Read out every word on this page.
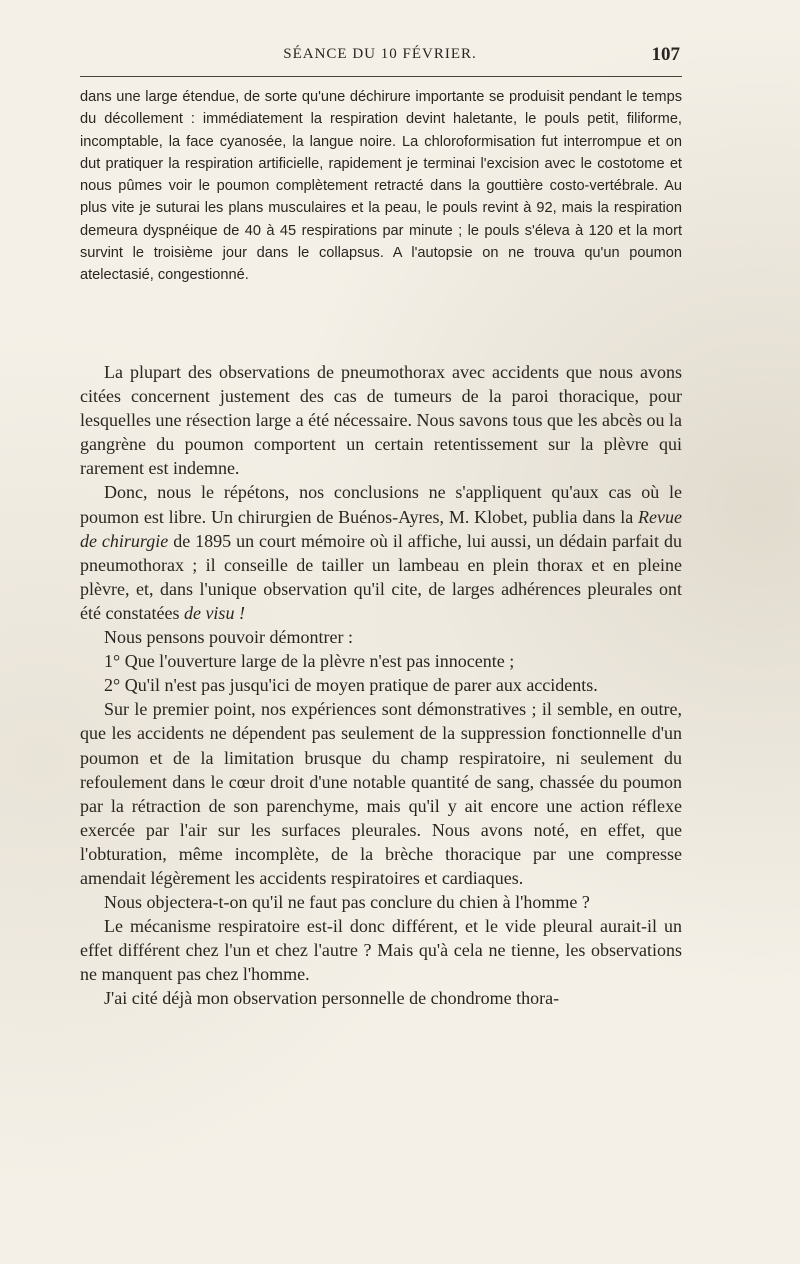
SÉANCE DU 10 FÉVRIER.	107

dans une large étendue, de sorte qu'une déchirure importante se produisit pendant le temps du décollement : immédiatement la respiration devint haletante, le pouls petit, filiforme, incomptable, la face cyanosée, la langue noire. La chloroformisation fut interrompue et on dut pratiquer la respiration artificielle, rapidement je terminai l'excision avec le costotome et nous pûmes voir le poumon complètement retracté dans la gouttière costo-vertébrale. Au plus vite je suturai les plans musculaires et la peau, le pouls revint à 92, mais la respiration demeura dyspnéique de 40 à 45 respirations par minute ; le pouls s'éleva à 120 et la mort survint le troisième jour dans le collapsus. A l'autopsie on ne trouva qu'un poumon atelectasié, congestionné.

La plupart des observations de pneumothorax avec accidents que nous avons citées concernent justement des cas de tumeurs de la paroi thoracique, pour lesquelles une résection large a été nécessaire. Nous savons tous que les abcès ou la gangrène du poumon comportent un certain retentissement sur la plèvre qui rarement est indemne.

Donc, nous le répétons, nos conclusions ne s'appliquent qu'aux cas où le poumon est libre. Un chirurgien de Buénos-Ayres, M. Klobet, publia dans la Revue de chirurgie de 1895 un court mémoire où il affiche, lui aussi, un dédain parfait du pneumothorax ; il conseille de tailler un lambeau en plein thorax et en pleine plèvre, et, dans l'unique observation qu'il cite, de larges adhérences pleurales ont été constatées de visu !

Nous pensons pouvoir démontrer :

1° Que l'ouverture large de la plèvre n'est pas innocente ;

2° Qu'il n'est pas jusqu'ici de moyen pratique de parer aux accidents.

Sur le premier point, nos expériences sont démonstratives ; il semble, en outre, que les accidents ne dépendent pas seulement de la suppression fonctionnelle d'un poumon et de la limitation brusque du champ respiratoire, ni seulement du refoulement dans le cœur droit d'une notable quantité de sang, chassée du poumon par la rétraction de son parenchyme, mais qu'il y ait encore une action réflexe exercée par l'air sur les surfaces pleurales. Nous avons noté, en effet, que l'obturation, même incomplète, de la brèche thoracique par une compresse amendait légèrement les accidents respiratoires et cardiaques.

Nous objectera-t-on qu'il ne faut pas conclure du chien à l'homme ?

Le mécanisme respiratoire est-il donc différent, et le vide pleural aurait-il un effet différent chez l'un et chez l'autre ? Mais qu'à cela ne tienne, les observations ne manquent pas chez l'homme.

J'ai cité déjà mon observation personnelle de chondrome thora-
